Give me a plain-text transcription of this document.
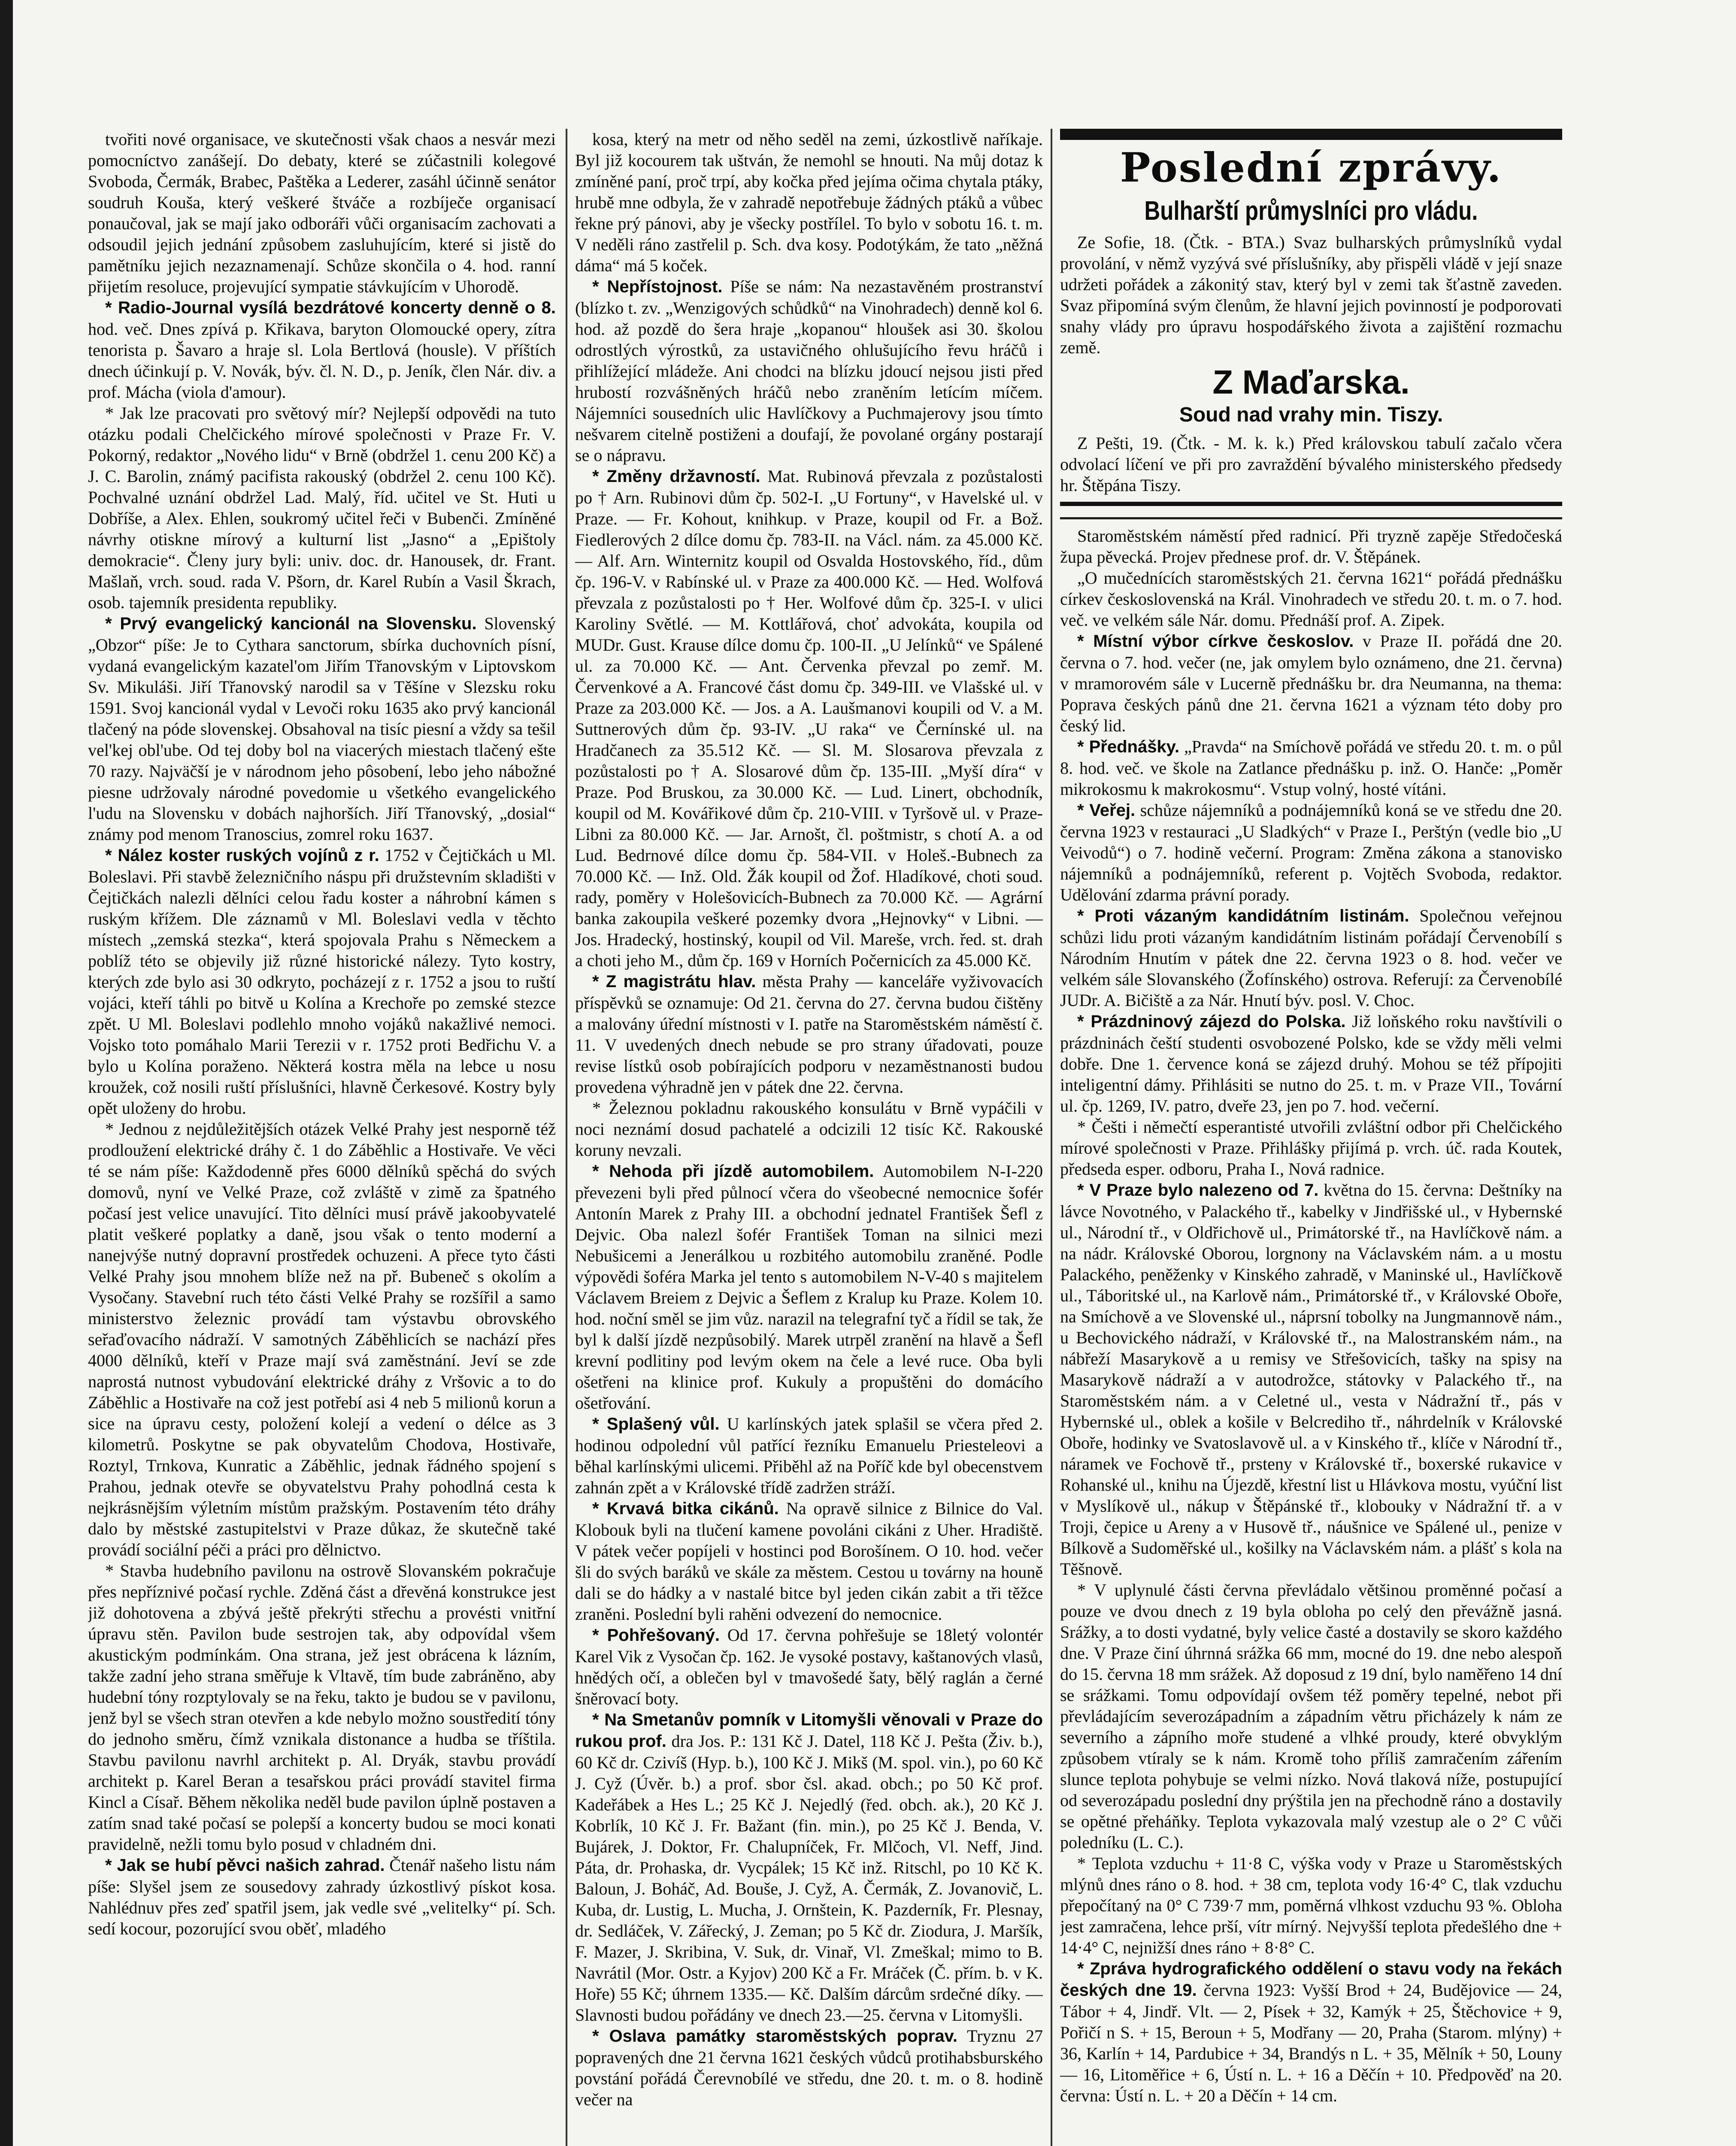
tvořiti nové organisace, ve skutečnosti však chaos a nesvár mezi pomocníctvo zanášejí. Do debaty, které se zúčastnili kolegové Svoboda, Čermák, Brabec, Paštěka a Lederer, zasáhl účinně senátor soudruh Kouša, který veškeré štváče a rozbíječe organisací ponaučoval, jak se mají jako odboráři vůči organisacím zachovati a odsoudil jejich jednání způsobem zasluhujícím, které si jistě do pamětníku jejich nezaznamenají. Schůze skončila o 4. hod. ranní přijetím resoluce, projevující sympatie stávkujícím v Uhorodě.

* Radio-Journal vysílá bezdrátové koncerty denně o 8. hod. več. Dnes zpívá p. Křikava, baryton Olomoucké opery, zítra tenorista p. Šavaro a hraje sl. Lola Bertlová (housle). V příštích dnech účinkují p. V. Novák, býv. čl. N. D., p. Jeník, člen Nár. div. a prof. Mácha (viola d'amour).

* Jak lze pracovati pro světový mír? Nejlepší odpovědi na tuto otázku podali Chelčického mírové společnosti v Praze Fr. V. Pokorný, redaktor „Nového lidu“ v Brně (obdržel 1. cenu 200 Kč) a J. C. Barolin, známý pacifista rakouský (obdržel 2. cenu 100 Kč). Pochvalné uznání obdržel Lad. Malý, říd. učitel ve St. Huti u Dobříše, a Alex. Ehlen, soukromý učitel řeči v Bubenči. Zmíněné návrhy otiskne mírový a kulturní list „Jasno“ a „Epištoly demokracie“. Členy jury byli: univ. doc. dr. Hanousek, dr. Frant. Mašlaň, vrch. soud. rada V. Pšorn, dr. Karel Rubín a Vasil Škrach, osob. tajemník presidenta republiky.

* Prvý evangelický kancionál na Slovensku. Slovenský „Obzor“ píše: Je to Cythara sanctorum, sbírka duchovních písní, vydaná evangelickým kazatel'om Jiřím Třanovským v Liptovskom Sv. Mikuláši. Jiří Třanovský narodil sa v Těšíne v Slezsku roku 1591. Svoj kancionál vydal v Levoči roku 1635 ako prvý kancionál tlačený na póde slovenskej. Obsahoval na tisíc piesní a vždy sa tešil vel'kej obl'ube. Od tej doby bol na viacerých miestach tlačený ešte 70 razy. Najväčší je v národnom jeho pôsobení, lebo jeho nábožné piesne udržovaly národné povedomie u všetkého evangelického l'udu na Slovensku v dobách najhorších. Jiří Třanovský, „dosial“ známy pod menom Tranoscius, zomrel roku 1637.

* Nález koster ruských vojínů z r. 1752 v Čejtičkách u Ml. Boleslavi. Při stavbě železničního náspu při družstevním skladišti v Čejtičkách nalezli dělníci celou řadu koster a náhrobní kámen s ruským křížem. Dle záznamů v Ml. Boleslavi vedla v těchto místech „zemská stezka“, která spojovala Prahu s Německem a poblíž této se objevily již různé historické nálezy. Tyto kostry, kterých zde bylo asi 30 odkryto, pocházejí z r. 1752 a jsou to ruští vojáci, kteří táhli po bitvě u Kolína a Krechoře po zemské stezce zpět. U Ml. Boleslavi podlehlo mnoho vojáků nakažlivé nemoci. Vojsko toto pomáhalo Marii Terezii v r. 1752 proti Bedřichu V. a bylo u Kolína poraženo. Některá kostra měla na lebce u nosu kroužek, což nosili ruští příslušníci, hlavně Čerkesové. Kostry byly opět uloženy do hrobu.

* Jednou z nejdůležitějších otázek Velké Prahy jest nesporně též prodloužení elektrické dráhy č. 1 do Záběhlic a Hostivaře. Ve věci té se nám píše: Každodenně přes 6000 dělníků spěchá do svých domovů, nyní ve Velké Praze, což zvláště v zimě za špatného počasí jest velice unavující. Tito dělníci musí právě jakoobyvatelé platit veškeré poplatky a daně, jsou však o tento moderní a nanejvýše nutný dopravní prostředek ochuzeni. A přece tyto části Velké Prahy jsou mnohem blíže než na př. Bubeneč s okolím a Vysočany. Stavební ruch této části Velké Prahy se rozšířil a samo ministerstvo železnic provádí tam výstavbu obrovského seřaďovacího nádraží. V samotných Záběhlicích se nachází přes 4000 dělníků, kteří v Praze mají svá zaměstnání. Jeví se zde naprostá nutnost vybudování elektrické dráhy z Vršovic a to do Záběhlic a Hostivaře na což jest potřebí asi 4 neb 5 milionů korun a sice na úpravu cesty, položení kolejí a vedení o délce as 3 kilometrů. Poskytne se pak obyvatelům Chodova, Hostivaře, Roztyl, Trnkova, Kunratic a Záběhlic, jednak řádného spojení s Prahou, jednak otevře se obyvatelstvu Prahy pohodlná cesta k nejkrásnějším výletním místům pražským. Postavením této dráhy dalo by městské zastupitelstvi v Praze důkaz, že skutečně také provádí sociální péči a práci pro dělnictvo.

* Stavba hudebního pavilonu na ostrově Slovanském pokračuje přes nepříznivé počasí rychle. Zděná část a dřevěná konstrukce jest již dohotovena a zbývá ještě překrýti střechu a provésti vnitřní úpravu stěn. Pavilon bude sestrojen tak, aby odpovídal všem akustickým podmínkám. Ona strana, jež jest obrácena k lázním, takže zadní jeho strana směřuje k Vltavě, tím bude zabráněno, aby hudební tóny rozptylovaly se na řeku, takto je budou se v pavilonu, jenž byl se všech stran otevřen a kde nebylo možno soustředití tóny do jednoho směru, čímž vznikala distonance a hudba se tříštila. Stavbu pavilonu navrhl architekt p. Al. Dryák, stavbu provádí architekt p. Karel Beran a tesařskou práci provádí stavitel firma Kincl a Císař. Během několika neděl bude pavilon úplně postaven a zatím snad také počasí se polepší a koncerty budou se moci konati pravidelně, nežli tomu bylo posud v chladném dni.

* Jak se hubí pěvci našich zahrad. Čtenář našeho listu nám píše: Slyšel jsem ze sousedovy zahrady úzkostlivý pískot kosa. Nahlédnuv přes zeď spatřil jsem, jak vedle své „velitelky“ pí. Sch. sedí kocour, pozorující svou oběť, mladého

kosa, který na metr od něho seděl na zemi, úzkostlivě naříkaje. Byl již kocourem tak uštván, že nemohl se hnouti. Na můj dotaz k zmíněné paní, proč trpí, aby kočka před jejíma očima chytala ptáky, hrubě mne odbyla, že v zahradě nepotřebuje žádných ptáků a vůbec řekne prý pánovi, aby je všecky postřílel. To bylo v sobotu 16. t. m. V neděli ráno zastřelil p. Sch. dva kosy. Podotýkám, že tato „něžná dáma“ má 5 koček.

* Nepřístojnost. Píše se nám: Na nezastavěném prostranství (blízko t. zv. „Wenzigových schůdků“ na Vinohradech) denně kol 6. hod. až pozdě do šera hraje „kopanou“ hloušek asi 30. školou odrostlých výrostků, za ustavičného ohlušujícího řevu hráčů i přihlížející mládeže. Ani chodci na blízku jdoucí nejsou jisti před hrubostí rozvášněných hráčů nebo zraněním letícím míčem. Nájemníci sousedních ulic Havlíčkovy a Puchmajerovy jsou tímto nešvarem citelně postiženi a doufají, že povolané orgány postarají se o nápravu.

* Změny državností. Mat. Rubinová převzala z pozůstalosti po † Arn. Rubinovi dům čp. 502-I. „U Fortuny“, v Havelské ul. v Praze. — Fr. Kohout, knihkup. v Praze, koupil od Fr. a Bož. Fiedlerových 2 dílce domu čp. 783-II. na Václ. nám. za 45.000 Kč. — Alf. Arn. Winternitz koupil od Osvalda Hostovského, říd., dům čp. 196-V. v Rabínské ul. v Praze za 400.000 Kč. — Hed. Wolfová převzala z pozůstalosti po † Her. Wolfové dům čp. 325-I. v ulici Karoliny Světlé. — M. Kottlářová, choť advokáta, koupila od MUDr. Gust. Krause dílce domu čp. 100-II. „U Jelínků“ ve Spálené ul. za 70.000 Kč. — Ant. Červenka převzal po zemř. M. Červenkové a A. Francové část domu čp. 349-III. ve Vlašské ul. v Praze za 203.000 Kč. — Jos. a A. Laušmanovi koupili od V. a M. Suttnerových dům čp. 93-IV. „U raka“ ve Černínské ul. na Hradčanech za 35.512 Kč. — Sl. M. Slosarova převzala z pozůstalosti po † A. Slosarové dům čp. 135-III. „Myší díra“ v Praze. Pod Bruskou, za 30.000 Kč. — Lud. Linert, obchodník, koupil od M. Kovářikové dům čp. 210-VIII. v Tyršově ul. v Praze-Libni za 80.000 Kč. — Jar. Arnošt, čl. poštmistr, s chotí A. a od Lud. Bedrnové dílce domu čp. 584-VII. v Holeš.-Bubnech za 70.000 Kč. — Inž. Old. Žák koupil od Žof. Hladíkové, choti soud. rady, poměry v Holešovicích-Bubnech za 70.000 Kč. — Agrární banka zakoupila veškeré pozemky dvora „Hejnovky“ v Libni. — Jos. Hradecký, hostinský, koupil od Vil. Mareše, vrch. řed. st. drah a choti jeho M., dům čp. 169 v Horních Počernicích za 45.000 Kč.

* Z magistrátu hlav. města Prahy — kanceláře vyživovacích příspěvků se oznamuje: Od 21. června do 27. června budou čištěny a malovány úřední místnosti v I. patře na Staroměstském náměstí č. 11. V uvedených dnech nebude se pro strany úřadovati, pouze revise lístků osob pobírajících podporu v nezaměstnanosti budou provedena výhradně jen v pátek dne 22. června.

* Železnou pokladnu rakouského konsulátu v Brně vypáčili v noci neznámí dosud pachatelé a odcizili 12 tisíc Kč. Rakouské koruny nevzali.

* Nehoda při jízdě automobilem. Automobilem N-I-220 převezeni byli před půlnocí včera do všeobecné nemocnice šofér Antonín Marek z Prahy III. a obchodní jednatel František Šefl z Dejvic. Oba nalezl šofér František Toman na silnici mezi Nebušicemi a Jenerálkou u rozbitého automobilu zraněné. Podle výpovědi šoféra Marka jel tento s automobilem N-V-40 s majitelem Václavem Breiem z Dejvic a Šeflem z Kralup ku Praze. Kolem 10. hod. noční směl se jim vůz. narazil na telegrafní tyč a řídil se tak, že byl k další jízdě nezpůsobilý. Marek utrpěl zranění na hlavě a Šefl krevní podlitiny pod levým okem na čele a levé ruce. Oba byli ošetřeni na klinice prof. Kukuly a propuštěni do domácího ošetřování.

* Splašený vůl. U karlínských jatek splašil se včera před 2. hodinou odpolední vůl patřící řezníku Emanuelu Priesteleovi a běhal karlínskými ulicemi. Přiběhl až na Poříč kde byl obecenstvem zahnán zpět a v Královské třídě zadržen stráží.

* Krvavá bitka cikánů. Na opravě silnice z Bilnice do Val. Klobouk byli na tlučení kamene povoláni cikáni z Uher. Hradiště. V pátek večer popíjeli v hostinci pod Borošínem. O 10. hod. večer šli do svých baráků ve skále za městem. Cestou u továrny na houně dali se do hádky a v nastalé bitce byl jeden cikán zabit a tři těžce zraněni. Poslední byli rahěni odvezení do nemocnice.

* Pohřešovaný. Od 17. června pohřešuje se 18letý volontér Karel Vik z Vysočan čp. 162. Je vysoké postavy, kaštanových vlasů, hnědých očí, a oblečen byl v tmavošedé šaty, bělý raglán a černé šněrovací boty.

* Na Smetanův pomník v Litomyšli věnovali v Praze do rukou prof. dra Jos. P.: 131 Kč J. Datel, 118 Kč J. Pešta (Živ. b.), 60 Kč dr. Czivíš (Hyp. b.), 100 Kč J. Mikš (M. spol. vin.), po 60 Kč J. Cyž (Úvěr. b.) a prof. sbor čsl. akad. obch.; po 50 Kč prof. Kadeřábek a Hes L.; 25 Kč J. Nejedlý (řed. obch. ak.), 20 Kč J. Kobrlík, 10 Kč J. Fr. Bažant (fin. min.), po 25 Kč J. Benda, V. Bujárek, J. Doktor, Fr. Chalupníček, Fr. Mlčoch, Vl. Neff, Jind. Páta, dr. Prohaska, dr. Vycpálek; 15 Kč inž. Ritschl, po 10 Kč K. Baloun, J. Boháč, Ad. Bouše, J. Cyž, A. Čermák, Z. Jovanovič, L. Kuba, dr. Lustig, L. Mucha, J. Ornštein, K. Pazderník, Fr. Plesnay, dr. Sedláček, V. Zářecký, J. Zeman; po 5 Kč dr. Ziodura, J. Maršík, F. Mazer, J. Skribina, V. Suk, dr. Vinař, Vl. Zmeškal; mimo to B. Navrátil (Mor. Ostr. a Kyjov) 200 Kč a Fr. Mráček (Č. přím. b. v K. Hoře) 55 Kč; úhrnem 1335.— Kč. Dalším dárcům srdečné díky. — Slavnosti budou pořádány ve dnech 23.—25. června v Litomyšli.

* Oslava památky staroměstských poprav. Tryznu 27 popravených dne 21 června 1621 českých vůdců protihabsburského povstání pořádá Čerevnobílé ve středu, dne 20. t. m. o 8. hodině večer na

Poslední zprávy.
Bulharští průmyslníci pro vládu.

Ze Sofie, 18. (Čtk. - BTA.) Svaz bulharských průmyslníků vydal provolání, v němž vyzývá své příslušníky, aby přispěli vládě v její snaze udržeti pořádek a zákonitý stav, který byl v zemi tak šťastně zaveden. Svaz připomíná svým členům, že hlavní jejich povinností je podporovati snahy vlády pro úpravu hospodářského života a zajištění rozmachu země.

Z Maďarska.
Soud nad vrahy min. Tiszy.

Z Pešti, 19. (Čtk. - M. k. k.) Před královskou tabulí začalo včera odvolací líčení ve při pro zavraždění bývalého ministerského předsedy hr. Štěpána Tiszy.

Staroměstském náměstí před radnicí. Při tryzně zapěje Středočeská župa pěvecká. Projev přednese prof. dr. V. Štěpánek.

„O mučednících staroměstských 21. června 1621“ pořádá přednášku církev československá na Král. Vinohradech ve středu 20. t. m. o 7. hod. več. ve velkém sále Nár. domu. Přednáší prof. A. Zipek.

* Místní výbor církve českoslov. v Praze II. pořádá dne 20. června o 7. hod. večer (ne, jak omylem bylo oznámeno, dne 21. června) v mramorovém sále v Lucerně přednášku br. dra Neumanna, na thema: Poprava českých pánů dne 21. června 1621 a význam této doby pro český lid.

* Přednášky. „Pravda“ na Smíchově pořádá ve středu 20. t. m. o půl 8. hod. več. ve škole na Zatlance přednášku p. inž. O. Hanče: „Poměr mikrokosmu k makrokosmu“. Vstup volný, hosté vítáni.

* Veřej. schůze nájemníků a podnájemníků koná se ve středu dne 20. června 1923 v restauraci „U Sladkých“ v Praze I., Perštýn (vedle bio „U Veivodů“) o 7. hodině večerní. Program: Změna zákona a stanovisko nájemníků a podnájemníků, referent p. Vojtěch Svoboda, redaktor. Udělování zdarma právní porady.

* Proti vázaným kandidátním listinám. Společnou veřejnou schůzi lidu proti vázaným kandidátním listinám pořádají Červenobílí s Národním Hnutím v pátek dne 22. června 1923 o 8. hod. večer ve velkém sále Slovanského (Žofínského) ostrova. Referují: za Červenobílé JUDr. A. Bičiště a za Nár. Hnutí býv. posl. V. Choc.

* Prázdninový zájezd do Polska. Již loňského roku navštívili o prázdninách čeští studenti osvobozené Polsko, kde se vždy měli velmi dobře. Dne 1. července koná se zájezd druhý. Mohou se též přípojiti inteligentní dámy. Přihlásiti se nutno do 25. t. m. v Praze VII., Tovární ul. čp. 1269, IV. patro, dveře 23, jen po 7. hod. večerní.

* Češti i němečtí esperantisté utvořili zvláštní odbor při Chelčického mírové společnosti v Praze. Přihlášky přijímá p. vrch. úč. rada Koutek, předseda esper. odboru, Praha I., Nová radnice.

* V Praze bylo nalezeno od 7. května do 15. června: Deštníky na lávce Novotného, v Palackého tř., kabelky v Jindřišské ul., v Hybernské ul., Národní tř., v Oldřichově ul., Primátorské tř., na Havlíčkově nám. a na nádr. Královské Oborou, lorgnony na Václavském nám. a u mostu Palackého, peněženky v Kinského zahradě, v Maninské ul., Havlíčkově ul., Táboritské ul., na Karlově nám., Primátorské tř., v Královské Oboře, na Smíchově a ve Slovenské ul., náprsní tobolky na Jungmannově nám., u Bechovického nádraží, v Královské tř., na Malostranském nám., na nábřeží Masarykově a u remisy ve Střešovicích, tašky na spisy na Masarykově nádraží a v autodrožce, státovky v Palackého tř., na Staroměstském nám. a v Celetné ul., vesta v Nádražní tř., pás v Hybernské ul., oblek a košile v Belcrediho tř., náhrdelník v Královské Oboře, hodinky ve Svatoslavově ul. a v Kinského tř., klíče v Národní tř., náramek ve Fochově tř., prsteny v Královské tř., boxerské rukavice v Rohanské ul., knihu na Újezdě, křestní list u Hlávkova mostu, vyúční list v Myslíkově ul., nákup v Štěpánské tř., klobouky v Nádražní tř. a v Troji, čepice u Areny a v Husově tř., náušnice ve Spálené ul., penize v Bílkově a Sudoměřské ul., košilky na Václavském nám. a plášť s kola na Těšnově.

* V uplynulé části června převládalo většinou proměnné počasí a pouze ve dvou dnech z 19 byla obloha po celý den převážně jasná. Srážky, a to dosti vydatné, byly velice časté a dostavily se skoro každého dne. V Praze činí úhrnná srážka 66 mm, mocné do 19. dne nebo alespoň do 15. června 18 mm srážek. Až doposud z 19 dní, bylo naměřeno 14 dní se srážkami. Tomu odpovídají ovšem též poměry tepelné, nebot při převládajícím severozápadním a západním větru přicházely k nám ze severního a zápního moře studené a vlhké proudy, které obvyklým způsobem vtíraly se k nám. Kromě toho příliš zamračením zářením slunce teplota pohybuje se velmi nízko. Nová tlaková níže, postupující od severozápadu poslední dny prýštila jen na přechodně ráno a dostavily se opětné přeháňky. Teplota vykazovala malý vzestup ale o 2° C vůči poledníku (L. C.).

* Teplota vzduchu + 11·8 C, výška vody v Praze u Staroměstských mlýnů dnes ráno o 8. hod. + 38 cm, teplota vody 16·4° C, tlak vzduchu přepočítaný na 0° C 739·7 mm, poměrná vlhkost vzduchu 93 %. Obloha jest zamračena, lehce prší, vítr mírný. Nejvyšší teplota předešlého dne + 14·4° C, nejnižší dnes ráno + 8·8° C.

* Zpráva hydrografického oddělení o stavu vody na řekách českých dne 19. června 1923: Vyšší Brod + 24, Budějovice — 24, Tábor + 4, Jindř. Vlt. — 2, Písek + 32, Kamýk + 25, Štěchovice + 9, Pořičí n S. + 15, Beroun + 5, Modřany — 20, Praha (Starom. mlýny) + 36, Karlín + 14, Pardubice + 34, Brandýs n L. + 35, Mělník + 50, Louny — 16, Litoměřice + 6, Ústí n. L. + 16 a Děčín + 10. Předpověď na 20. června: Ústí n. L. + 20 a Děčín + 14 cm.
